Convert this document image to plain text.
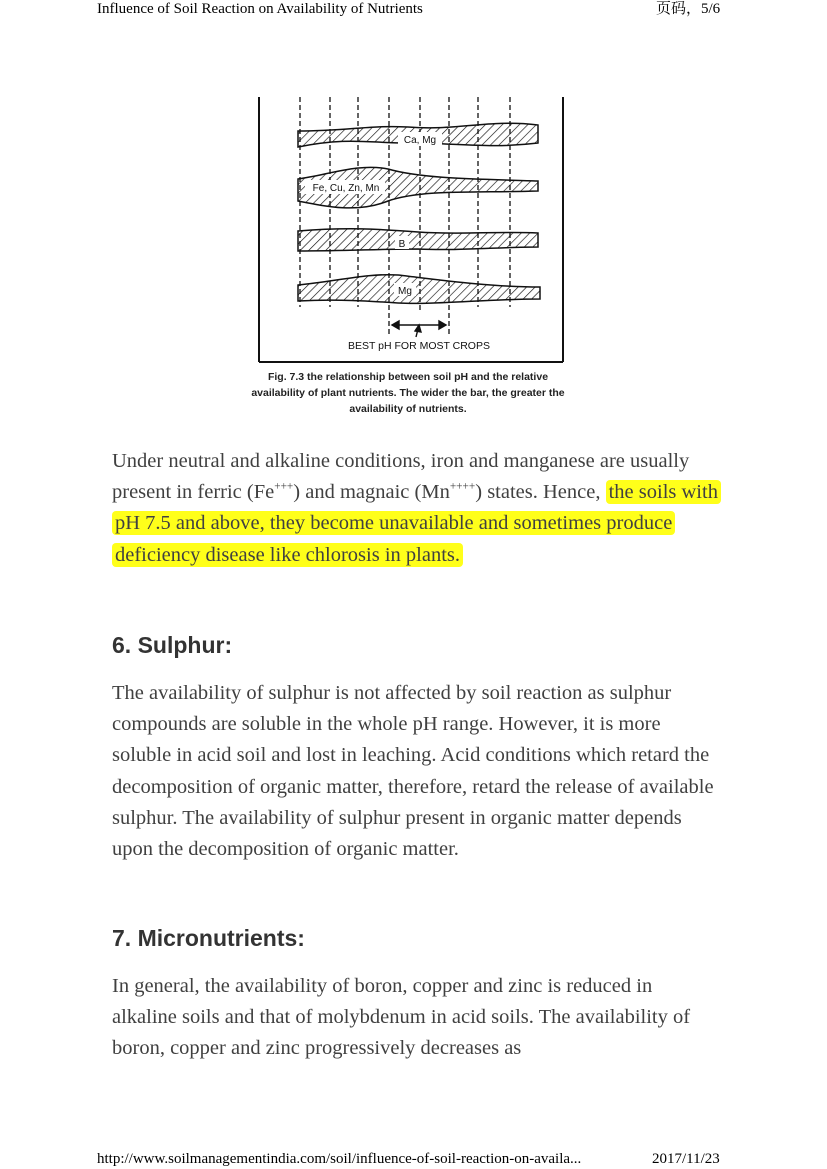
Influence of Soil Reaction on Availability of Nutrients	页码，5/6
Ca, Mg
Fe, Cu, Zn, Mn
B
Mg
BEST pH FOR MOST CROPS
Fig. 7.3 the relationship between soil pH and the relative availability of plant nutrients. The wider the bar, the greater the availability of nutrients.

Under neutral and alkaline conditions, iron and manganese are usually present in ferric (Fe+++) and magnaic (Mn++++) states. Hence, the soils with pH 7.5 and above, they become unavailable and sometimes produce deficiency disease like chlorosis in plants.

6. Sulphur:

The availability of sulphur is not affected by soil reaction as sulphur compounds are soluble in the whole pH range. However, it is more soluble in acid soil and lost in leaching. Acid conditions which retard the decomposition of organic matter, therefore, retard the release of available sulphur. The availability of sulphur present in organic matter depends upon the decomposition of organic matter.

7. Micronutrients:

In general, the availability of boron, copper and zinc is reduced in alkaline soils and that of molybdenum in acid soils. The availability of boron, copper and zinc progressively decreases as

http://www.soilmanagementindia.com/soil/influence-of-soil-reaction-on-availa...	2017/11/23
